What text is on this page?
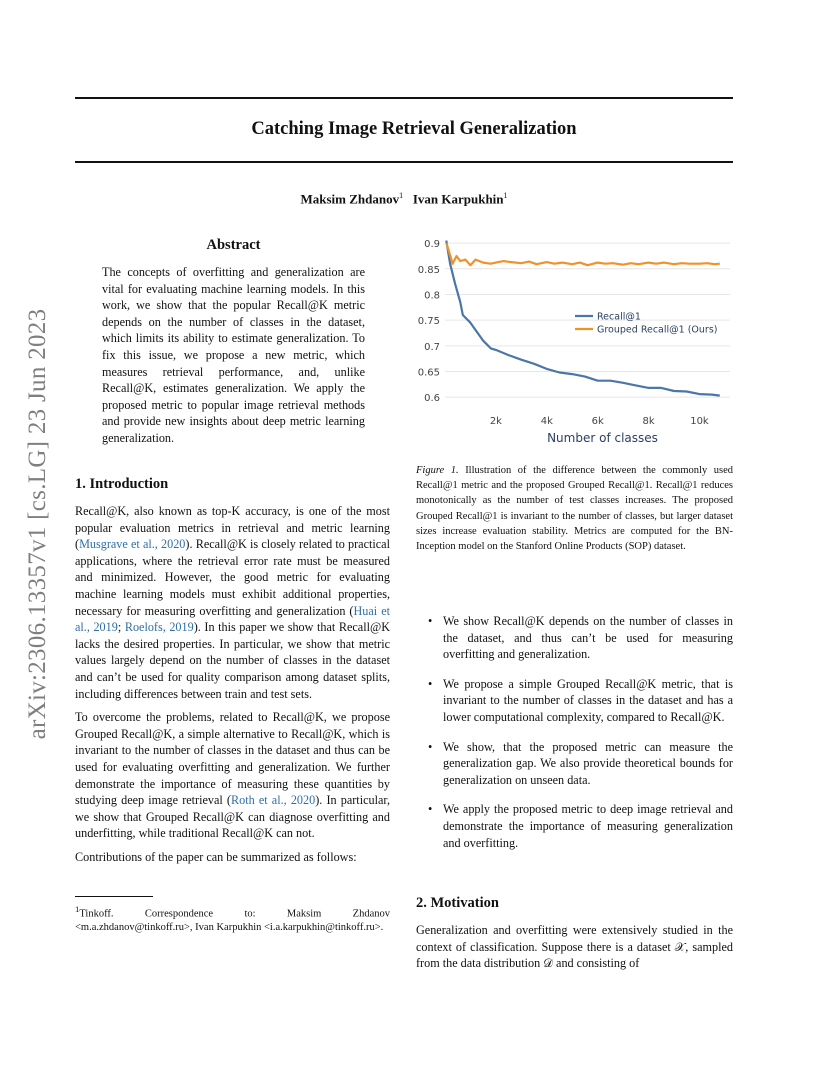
Catching Image Retrieval Generalization
Maksim Zhdanov$^1$ Ivan Karpukhin$^1$
arXiv:2306.13357v1 [cs.LG] 23 Jun 2023
Abstract
The concepts of overfitting and generalization are vital for evaluating machine learning models. In this work, we show that the popular Recall@K metric depends on the number of classes in the dataset, which limits its ability to estimate generalization. To fix this issue, we propose a new metric, which measures retrieval performance, and, unlike Recall@K, estimates generalization. We apply the proposed metric to popular image retrieval methods and provide new insights about deep metric learning generalization.
1. Introduction

Recall@K, also known as top-K accuracy, is one of the most popular evaluation metrics in retrieval and metric learning (Musgrave et al., 2020). Recall@K is closely related to practical applications, where the retrieval error rate must be measured and minimized. However, the good metric for evaluating machine learning models must exhibit additional properties, necessary for measuring overfitting and generalization (Huai et al., 2019; Roelofs, 2019). In this paper we show that Recall@K lacks the desired properties. In particular, we show that metric values largely depend on the number of classes in the dataset and can’t be used for quality comparison among dataset splits, including differences between train and test sets.

To overcome the problems, related to Recall@K, we propose Grouped Recall@K, a simple alternative to Recall@K, which is invariant to the number of classes in the dataset and thus can be used for evaluating overfitting and generalization. We further demonstrate the importance of measuring these quantities by studying deep image retrieval (Roth et al., 2020). In particular, we show that Grouped Recall@K can diagnose overfitting and underfitting, while traditional Recall@K can not.

Contributions of the paper can be summarized as follows:

$^1$Tinkoff. Correspondence to: Maksim Zhdanov <m.a.zhdanov@tinkoff.ru>, Ivan Karpukhin <i.a.karpukhin@tinkoff.ru>.
0.6
0.65
0.7
0.75
0.8
0.85
0.9
2k	4k	6k	8k	10k
Number of classes
Recall@1
Grouped Recall@1 (Ours)
Figure 1. Illustration of the difference between the commonly used Recall@1 metric and the proposed Grouped Recall@1. Recall@1 reduces monotonically as the number of test classes increases. The proposed Grouped Recall@1 is invariant to the number of classes, but larger dataset sizes increase evaluation stability. Metrics are computed for the BN-Inception model on the Stanford Online Products (SOP) dataset.
• We show Recall@K depends on the number of classes in the dataset, and thus can’t be used for measuring overfitting and generalization.
• We propose a simple Grouped Recall@K metric, that is invariant to the number of classes in the dataset and has a lower computational complexity, compared to Recall@K.
• We show, that the proposed metric can measure the generalization gap. We also provide theoretical bounds for generalization on unseen data.
• We apply the proposed metric to deep image retrieval and demonstrate the importance of measuring generalization and overfitting.
2. Motivation
Generalization and overfitting were extensively studied in the context of classification. Suppose there is a dataset 𝒳, sampled from the data distribution 𝒟 and consisting of
